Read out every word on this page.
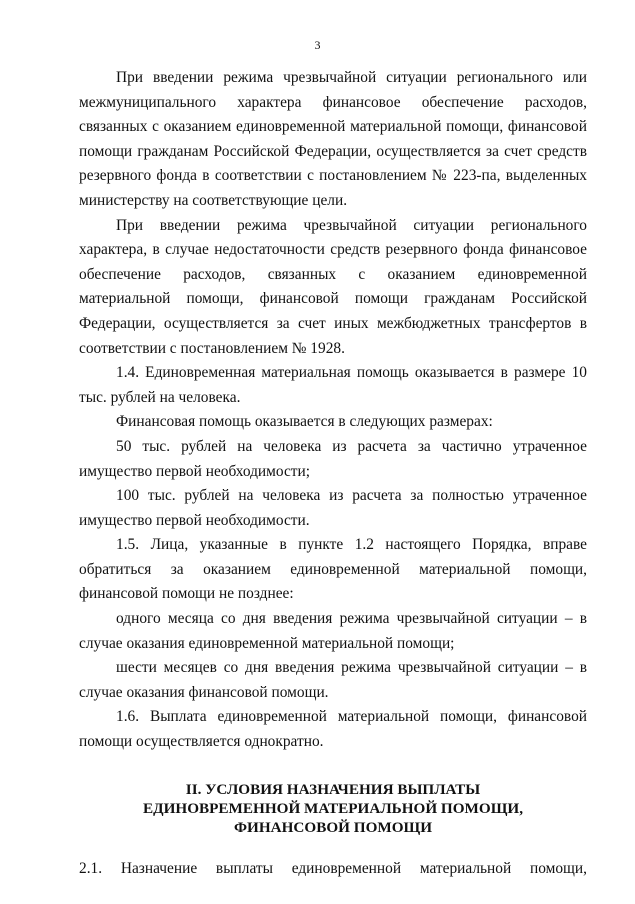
3

При введении режима чрезвычайной ситуации регионального или межмуниципального характера финансовое обеспечение расходов, связанных с оказанием единовременной материальной помощи, финансовой помощи гражданам Российской Федерации, осуществляется за счет средств резервного фонда в соответствии с постановлением № 223-па, выделенных министерству на соответствующие цели.

При введении режима чрезвычайной ситуации регионального характера, в случае недостаточности средств резервного фонда финансовое обеспечение расходов, связанных с оказанием единовременной материальной помощи, финансовой помощи гражданам Российской Федерации, осуществляется за счет иных межбюджетных трансфертов в соответствии с постановлением № 1928.

1.4. Единовременная материальная помощь оказывается в размере 10 тыс. рублей на человека.

Финансовая помощь оказывается в следующих размерах:

50 тыс. рублей на человека из расчета за частично утраченное имущество первой необходимости;

100 тыс. рублей на человека из расчета за полностью утраченное имущество первой необходимости.

1.5. Лица, указанные в пункте 1.2 настоящего Порядка, вправе обратиться за оказанием единовременной материальной помощи, финансовой помощи не позднее:

одного месяца со дня введения режима чрезвычайной ситуации – в случае оказания единовременной материальной помощи;

шести месяцев со дня введения режима чрезвычайной ситуации – в случае оказания финансовой помощи.

1.6. Выплата единовременной материальной помощи, финансовой помощи осуществляется однократно.

II. УСЛОВИЯ НАЗНАЧЕНИЯ ВЫПЛАТЫ
ЕДИНОВРЕМЕННОЙ МАТЕРИАЛЬНОЙ ПОМОЩИ,
ФИНАНСОВОЙ ПОМОЩИ
2.1. Назначение выплаты единовременной материальной помощи,
